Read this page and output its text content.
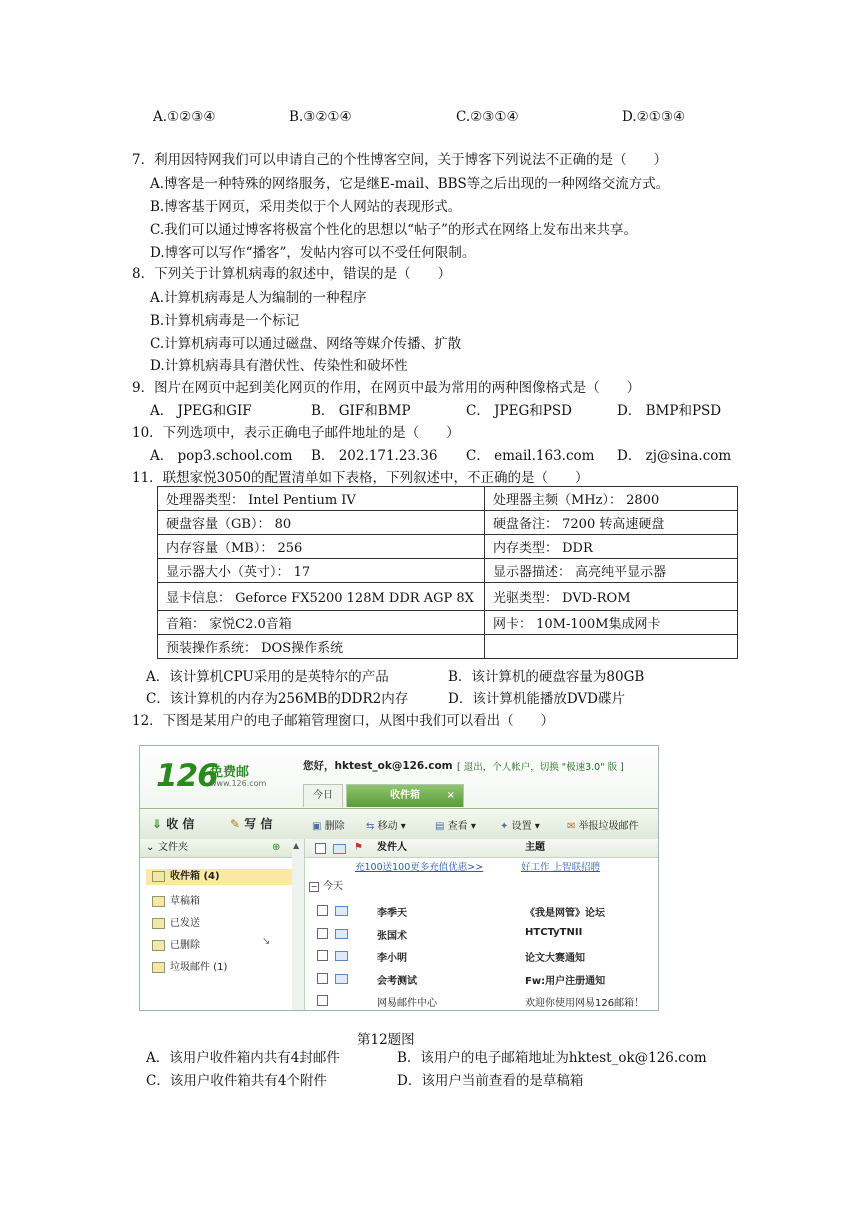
A.①②③④	B.③②①④	C.②③①④	D.②①③④
7．利用因特网我们可以申请自己的个性博客空间，关于博客下列说法不正确的是（　　）
A.博客是一种特殊的网络服务，它是继E-mail、BBS等之后出现的一种网络交流方式。
B.博客基于网页，采用类似于个人网站的表现形式。
C.我们可以通过博客将极富个性化的思想以“帖子”的形式在网络上发布出来共享。
D.博客可以写作“播客”，发帖内容可以不受任何限制。
8．下列关于计算机病毒的叙述中，错误的是（　　）
A.计算机病毒是人为编制的一种程序
B.计算机病毒是一个标记
C.计算机病毒可以通过磁盘、网络等媒介传播、扩散
D.计算机病毒具有潜伏性、传染性和破坏性
9．图片在网页中起到美化网页的作用，在网页中最为常用的两种图像格式是（　　）
A． JPEG和GIF	B． GIF和BMP	C． JPEG和PSD	D． BMP和PSD
10．下列选项中，表示正确电子邮件地址的是（　　）
A． pop3.school.com B． 202.171.23.36 C． email.163.com D． zj@sina.com
11．联想家悦3050的配置清单如下表格，下列叙述中，不正确的是（　　）
处理器类型： Intel Pentium IV	处理器主频（MHz）： 2800
硬盘容量（GB）： 80	硬盘备注： 7200 转高速硬盘
内存容量（MB）： 256	内存类型： DDR
显示器大小（英寸）： 17	显示器描述： 高亮纯平显示器
显卡信息： Geforce FX5200 128M DDR AGP 8X	光驱类型： DVD-ROM
音箱： 家悦C2.0音箱	网卡： 10M-100M集成网卡
预装操作系统： DOS操作系统	
A．该计算机CPU采用的是英特尔的产品	B．该计算机的硬盘容量为80GB
C．该计算机的内存为256MB的DDR2内存	D．该计算机能播放DVD碟片
12．下图是某用户的电子邮箱管理窗口，从图中我们可以看出（　　）
126
免费邮
www.126.com
您好，hktest_ok@126.com [ 退出，个人帐户，切换 "极速3.0" 版 ]
今日	收件箱	×
⇓ 收 信	✎ 写 信	▣ 删除 ⇆ 移动 ▾	▤ 查看 ▾ ✦ 设置 ▾	✉ 举报垃圾邮件
⌄ 文件夹	⊕
收件箱 (4)
草稿箱
已发送
已删除	↘
垃圾邮件 (1)
▲	⚑ 发件人	主题
充100送100更多充值优惠>>	好工作 上智联招聘
− 今天
李季天	《我是网管》论坛
张国术	HTCTyTNII
李小明	论文大赛通知
会考测试	Fw:用户注册通知
网易邮件中心	欢迎你使用网易126邮箱！
第12题图
A．该用户收件箱内共有4封邮件	B．该用户的电子邮箱地址为hktest_ok@126.com
C．该用户收件箱共有4个附件	D．该用户当前查看的是草稿箱
